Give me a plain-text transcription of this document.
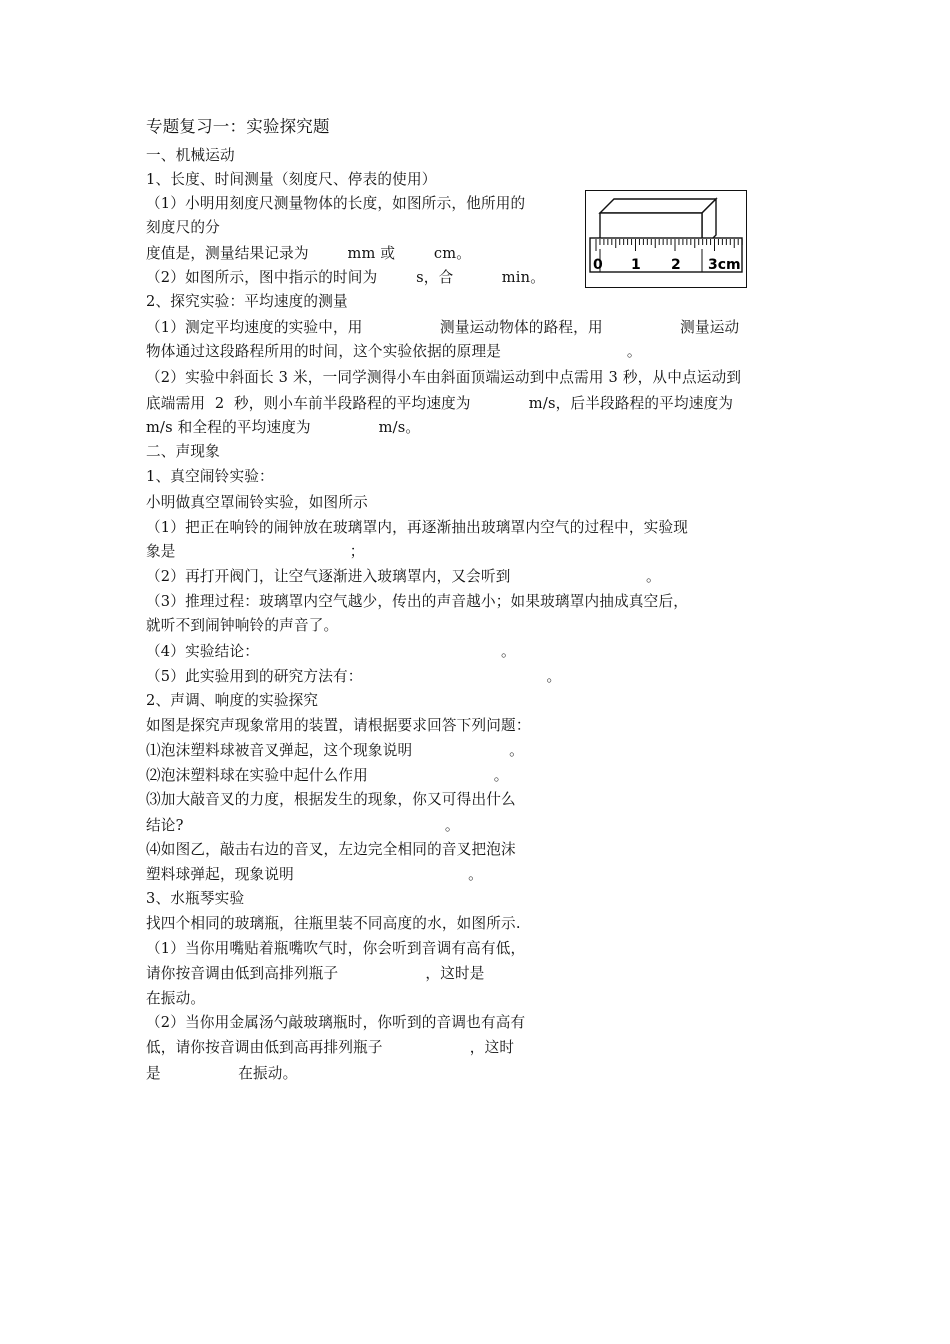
专题复习一：实验探究题
一、机械运动
1、长度、时间测量（刻度尺、停表的使用）
（1）小明用刻度尺测量物体的长度，如图所示，他所用的
刻度尺的分
度值是，测量结果记录为        mm 或        cm。
（2）如图所示，图中指示的时间为        s，合          min。
2、探究实验：平均速度的测量
（1）测定平均速度的实验中，用                测量运动物体的路程，用                测量运动
物体通过这段路程所用的时间，这个实验依据的原理是                          。
（2）实验中斜面长 3 米，一同学测得小车由斜面顶端运动到中点需用 3 秒，从中点运动到
底端需用  2  秒，则小车前半段路程的平均速度为            m/s，后半段路程的平均速度为
m/s 和全程的平均速度为              m/s。
二、声现象
1、真空闹铃实验：
小明做真空罩闹铃实验，如图所示
（1）把正在响铃的闹钟放在玻璃罩内，再逐渐抽出玻璃罩内空气的过程中，实验现
象是                                    ；
（2）再打开阀门，让空气逐渐进入玻璃罩内，又会听到                            。
（3）推理过程：玻璃罩内空气越少，传出的声音越小；如果玻璃罩内抽成真空后，
就听不到闹钟响铃的声音了。
（4）实验结论：                                                  。
（5）此实验用到的研究方法有：                                      。
2、声调、响度的实验探究
如图是探究声现象常用的装置，请根据要求回答下列问题：
⑴泡沫塑料球被音叉弹起，这个现象说明                    。
⑵泡沫塑料球在实验中起什么作用                          。
⑶加大敲音叉的力度，根据发生的现象，你又可得出什么
结论?                                                      。
⑷如图乙，敲击右边的音叉，左边完全相同的音叉把泡沫
塑料球弹起，现象说明                                    。
3、水瓶琴实验
找四个相同的玻璃瓶，往瓶里装不同高度的水，如图所示.
（1）当你用嘴贴着瓶嘴吹气时，你会听到音调有高有低，
请你按音调由低到高排列瓶子                  ，这时是
在振动。
（2）当你用金属汤勺敲玻璃瓶时，你听到的音调也有高有
低，请你按音调由低到高再排列瓶子                  ，这时
是                在振动。
0 1 2 3cm
